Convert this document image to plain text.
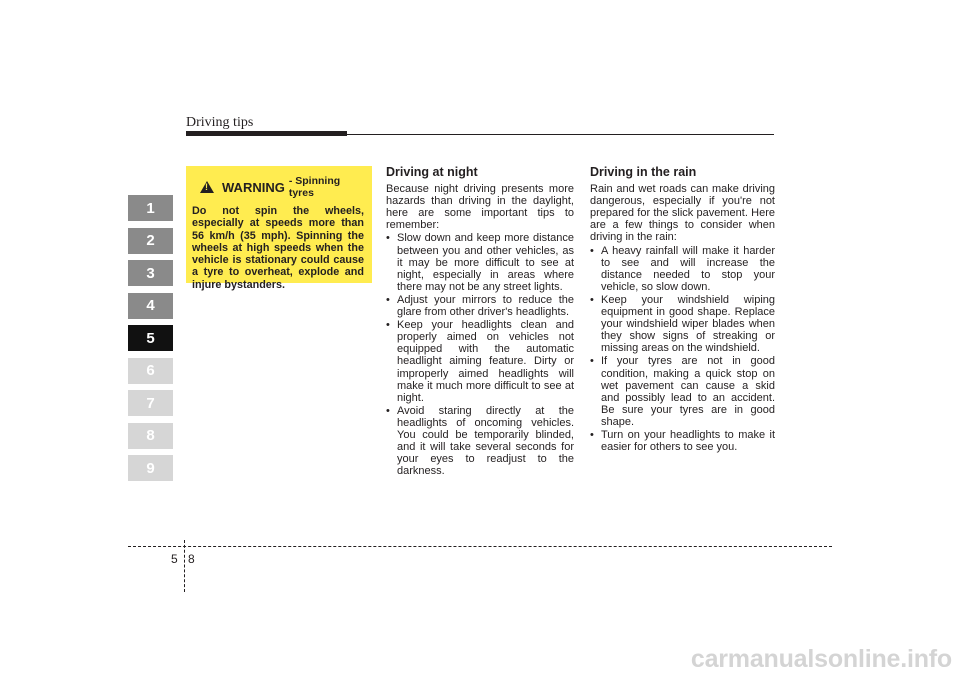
Driving tips
1
2
3
4
5
6
7
8
9
!
WARNING - Spinning tyres
Do not spin the wheels, especially at speeds more than 56 km/h (35 mph). Spinning the wheels at high speeds when the vehicle is stationary could cause a tyre to overheat, explode and injure bystanders.
Driving at night

Because night driving presents more hazards than driving in the daylight, here are some important tips to remember:

• Slow down and keep more distance between you and other vehicles, as it may be more difficult to see at night, especially in areas where there may not be any street lights.
• Adjust your mirrors to reduce the glare from other driver's headlights.
• Keep your headlights clean and properly aimed on vehicles not equipped with the automatic headlight aiming feature. Dirty or improperly aimed headlights will make it much more difficult to see at night.
• Avoid staring directly at the headlights of oncoming vehicles. You could be temporarily blinded, and it will take several seconds for your eyes to readjust to the darkness.
Driving in the rain

Rain and wet roads can make driving dangerous, especially if you're not prepared for the slick pavement. Here are a few things to consider when driving in the rain:

• A heavy rainfall will make it harder to see and will increase the distance needed to stop your vehicle, so slow down.
• Keep your windshield wiping equipment in good shape. Replace your windshield wiper blades when they show signs of streaking or missing areas on the windshield.
• If your tyres are not in good condition, making a quick stop on wet pavement can cause a skid and possibly lead to an accident. Be sure your tyres are in good shape.
• Turn on your headlights to make it easier for others to see you.
5 8
carmanualsonline.info
